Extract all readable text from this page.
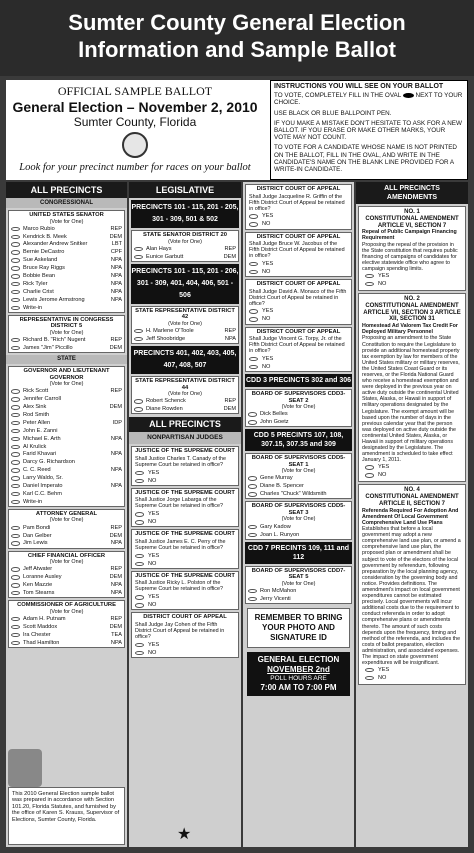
Sumter County General Election
Information and Sample Ballot
OFFICIAL SAMPLE BALLOT
General Election – November 2, 2010
Sumter County, Florida
Look for your precinct number for races on your ballot
INSTRUCTIONS YOU WILL SEE ON YOUR BALLOT

TO VOTE, COMPLETELY FILL IN THE OVAL NEXT TO YOUR CHOICE.

USE BLACK OR BLUE BALLPOINT PEN.

IF YOU MAKE A MISTAKE DON'T HESITATE TO ASK FOR A NEW BALLOT. IF YOU ERASE OR MAKE OTHER MARKS, YOUR VOTE MAY NOT COUNT.

TO VOTE FOR A CANDIDATE WHOSE NAME IS NOT PRINTED ON THE BALLOT, FILL IN THE OVAL, AND WRITE IN THE CANDIDATE'S NAME ON THE BLANK LINE PROVIDED FOR A WRITE-IN CANDIDATE.

ALL PRECINCTS
CONGRESSIONAL
UNITED STATES SENATOR
(Vote for One)
Marco Rubio	REP
Kendrick B. Meek	DEM
Alexander Andrew Snitker	LBT
Bernie DeCastro	CPF
Sue Askeland	NPA
Bruce Ray Riggs	NPA
Bobbie Bean	NPA
Rick Tyler	NPA
Charlie Crist	NPA
Lewis Jerome Armstrong	NPA
Write-in
REPRESENTATIVE IN CONGRESS DISTRICT 5
(Vote for One)
Richard B. "Rich" Nugent	REP
James "Jim" Piccillo	DEM
STATE
GOVERNOR AND LIEUTENANT GOVERNOR
(Vote for One)
Rick Scott	REP
Jennifer Carroll
Alex Sink	DEM
Rod Smith
Peter Allen	IDP
John E. Zanni
Michael E. Arth	NPA
Al Krulick
Farid Khavari	NPA
Darcy G. Richardson
C. C. Reed	NPA
Larry Waldo, Sr.
Daniel Imperato	NPA
Karl C.C. Behm
Write-in
ATTORNEY GENERAL
(Vote for One)
Pam Bondi	REP
Dan Gelber	DEM
Jim Lewis	NPA
CHIEF FINANCIAL OFFICER
(Vote for One)
Jeff Atwater	REP
Loranne Ausley	DEM
Ken Mazzie	NPA
Tom Stearns	NPA
COMMISSIONER OF AGRICULTURE
(Vote for One)
Adam H. Putnam	REP
Scott Maddox	DEM
Ira Chester	TEA
Thad Hamilton	NPA
This 2010 General Election sample ballot was prepared in accordance with Section 101.20, Florida Statutes, and furnished by the office of Karen S. Krauss, Supervisor of Elections, Sumter County, Florida.
LEGISLATIVE
PRECINCTS 101 - 115, 201 - 205, 301 - 309, 501 & 502
STATE SENATOR DISTRICT 20
(Vote for One)
Alan Hays	REP
Eunice Garbutt	DEM
PRECINCTS 101 - 115, 201 - 206, 301 - 309, 401, 404, 406, 501 - 506
STATE REPRESENTATIVE DISTRICT 42
(Vote for One)
H. Marlene O'Toole	REP
Jeff Shoobridge	NPA
PRECINCTS 401, 402, 403, 405, 407, 408, 507
STATE REPRESENTATIVE DISTRICT 44
(Vote for One)
Robert Schenck	REP
Diane Rowden	DEM
ALL PRECINCTS
NONPARTISAN JUDGES
JUSTICE OF THE SUPREME COURT
Shall Justice Charles T. Canady of the Supreme Court be retained in office?
YES
NO
JUSTICE OF THE SUPREME COURT
Shall Justice Jorge Labarga of the Supreme Court be retained in office?
YES
NO
JUSTICE OF THE SUPREME COURT
Shall Justice James E. C. Perry of the Supreme Court be retained in office?
YES
NO
JUSTICE OF THE SUPREME COURT
Shall Justice Ricky L. Polston of the Supreme Court be retained in office?
YES
NO
DISTRICT COURT OF APPEAL
Shall Judge Jay Cohen of the Fifth District Court of Appeal be retained in office?
YES
NO
★
DISTRICT COURT OF APPEAL
Shall Judge Jacqueline R. Griffin of the Fifth District Court of Appeal be retained in office?
YES
NO
DISTRICT COURT OF APPEAL
Shall Judge Bruce W. Jacobus of the Fifth District Court of Appeal be retained in office?
YES
NO
DISTRICT COURT OF APPEAL
Shall Judge David A. Monaco of the Fifth District Court of Appeal be retained in office?
YES
NO
DISTRICT COURT OF APPEAL
Shall Judge Vincent G. Torpy, Jr. of the Fifth District Court of Appeal be retained in office?
YES
NO
CDD 3 PRECINCTS 302 and 306
BOARD OF SUPERVISORS CDD3-SEAT 2
(Vote for One)
Dick Belles
John Goetz
CDD 5 PRECINTS 107, 108, 307.15, 307.35 and 309
BOARD OF SUPERVISORS CDD5-SEAT 1
(Vote for One)
Gene Murray
Diane B. Spencer
Charles "Chuck" Wildsmith
BOARD OF SUPERVISORS CDD5-SEAT 3
(Vote for One)
Gary Kadow
Joan L. Runyon
CDD 7 PRECINTS 109, 111 and 112
BOARD OF SUPERVISORS CDD7-SEAT 5
(Vote for One)
Ron McMahon
Jerry Vicenti
REMEMBER TO BRING YOUR PHOTO AND SIGNATURE ID
GENERAL ELECTION
NOVEMBER 2nd
POLL HOURS ARE
7:00 AM TO 7:00 PM
ALL PRECINCTS
AMENDMENTS
NO. 1
CONSTITUTIONAL AMENDMENT
ARTICLE VI, SECTION 7
Repeal of Public Campaign Financing Requirement
Proposing the repeal of the provision in the State constitution that requires public financing of campaigns of candidates for elective statewide office who agree to campaign spending limits.
YES
NO
NO. 2
CONSTITUTIONAL AMENDMENT
ARTICLE VII, SECTION 3 ARTICLE XII, SECTION 31
Homestead Ad Valorem Tax Credit For Deployed Military Personnel
Proposing an amendment to the State Constitution to require the Legislature to provide an additional homestead property tax exemption by law for members of the United States military or military reserves, the United States Coast Guard or its reserves, or the Florida National Guard who receive a homestead exemption and were deployed in the previous year on active duty outside the continental United States, Alaska, or Hawaii in support of military operations designated by the Legislature. The exempt amount will be based upon the number of days in the previous calendar year that the person was deployed on active duty outside the continental United States, Alaska, or Hawaii in support of military operations designated by the Legislature. The amendment is scheduled to take effect January 1, 2011.
YES
NO
NO. 4
CONSTITUTIONAL AMENDMENT
ARTICLE II, SECTION 7
Referenda Required For Adoption And Amendment Of Local Government Comprehensive Land Use Plans
Establishes that before a local government may adopt a new comprehensive land use plan, or amend a comprehensive land use plan, the proposed plan or amendment shall be subject to vote of the electors of the local government by referendum, following preparation by the local planning agency, consideration by the governing body and notice. Provides definitions. The amendment's impact on local government expenditures cannot be estimated precisely. Local governments will incur additional costs due to the requirement to conduct referenda in order to adopt comprehensive plans or amendments thereto. The amount of such costs depends upon the frequency, timing and method of the referenda, and includes the costs of ballot preparation, election administration, and associated expenses. The impact on state government expenditures will be insignificant.
YES
NO
